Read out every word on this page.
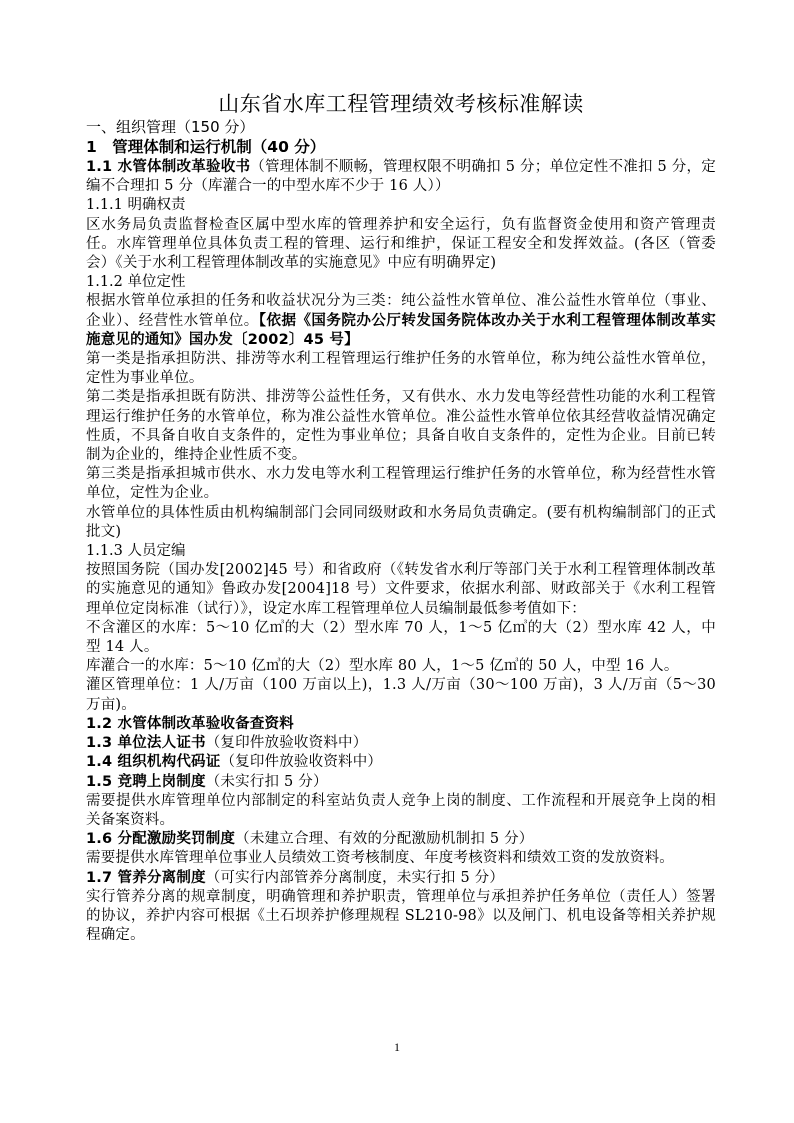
山东省水库工程管理绩效考核标准解读

一、组织管理（150 分）

1　管理体制和运行机制（40 分）

1.1 水管体制改革验收书（管理体制不顺畅，管理权限不明确扣 5 分；单位定性不准扣 5 分，定编不合理扣 5 分（库灌合一的中型水库不少于 16 人））

1.1.1 明确权责

区水务局负责监督检查区属中型水库的管理养护和安全运行，负有监督资金使用和资产管理责任。水库管理单位具体负责工程的管理、运行和维护，保证工程安全和发挥效益。(各区（管委会）《关于水利工程管理体制改革的实施意见》中应有明确界定)

1.1.2 单位定性

根据水管单位承担的任务和收益状况分为三类：纯公益性水管单位、准公益性水管单位（事业、企业）、经营性水管单位。【依据《国务院办公厅转发国务院体改办关于水利工程管理体制改革实施意见的通知》国办发〔2002〕45 号】

第一类是指承担防洪、排涝等水利工程管理运行维护任务的水管单位，称为纯公益性水管单位，定性为事业单位。

第二类是指承担既有防洪、排涝等公益性任务，又有供水、水力发电等经营性功能的水利工程管理运行维护任务的水管单位，称为准公益性水管单位。准公益性水管单位依其经营收益情况确定性质，不具备自收自支条件的，定性为事业单位；具备自收自支条件的，定性为企业。目前已转制为企业的，维持企业性质不变。

第三类是指承担城市供水、水力发电等水利工程管理运行维护任务的水管单位，称为经营性水管单位，定性为企业。

水管单位的具体性质由机构编制部门会同同级财政和水务局负责确定。(要有机构编制部门的正式批文)

1.1.3 人员定编

按照国务院（国办发[2002]45 号）和省政府（《转发省水利厅等部门关于水利工程管理体制改革的实施意见的通知》鲁政办发[2004]18 号）文件要求，依据水利部、财政部关于《水利工程管理单位定岗标准（试行）》，设定水库工程管理单位人员编制最低参考值如下：

不含灌区的水库：5～10 亿㎥的大（2）型水库 70 人，1～5 亿㎥的大（2）型水库 42 人，中型 14 人。

库灌合一的水库：5～10 亿㎥的大（2）型水库 80 人，1～5 亿㎥的 50 人，中型 16 人。

灌区管理单位：1 人/万亩（100 万亩以上)，1.3 人/万亩（30～100 万亩)，3 人/万亩（5～30 万亩)。

1.2 水管体制改革验收备查资料

1.3 单位法人证书（复印件放验收资料中）

1.4 组织机构代码证（复印件放验收资料中）

1.5 竞聘上岗制度（未实行扣 5 分）

需要提供水库管理单位内部制定的科室站负责人竞争上岗的制度、工作流程和开展竞争上岗的相关备案资料。

1.6 分配激励奖罚制度（未建立合理、有效的分配激励机制扣 5 分）

需要提供水库管理单位事业人员绩效工资考核制度、年度考核资料和绩效工资的发放资料。

1.7 管养分离制度（可实行内部管养分离制度，未实行扣 5 分）

实行管养分离的规章制度，明确管理和养护职责，管理单位与承担养护任务单位（责任人）签署的协议，养护内容可根据《土石坝养护修理规程 SL210-98》以及闸门、机电设备等相关养护规程确定。

1
